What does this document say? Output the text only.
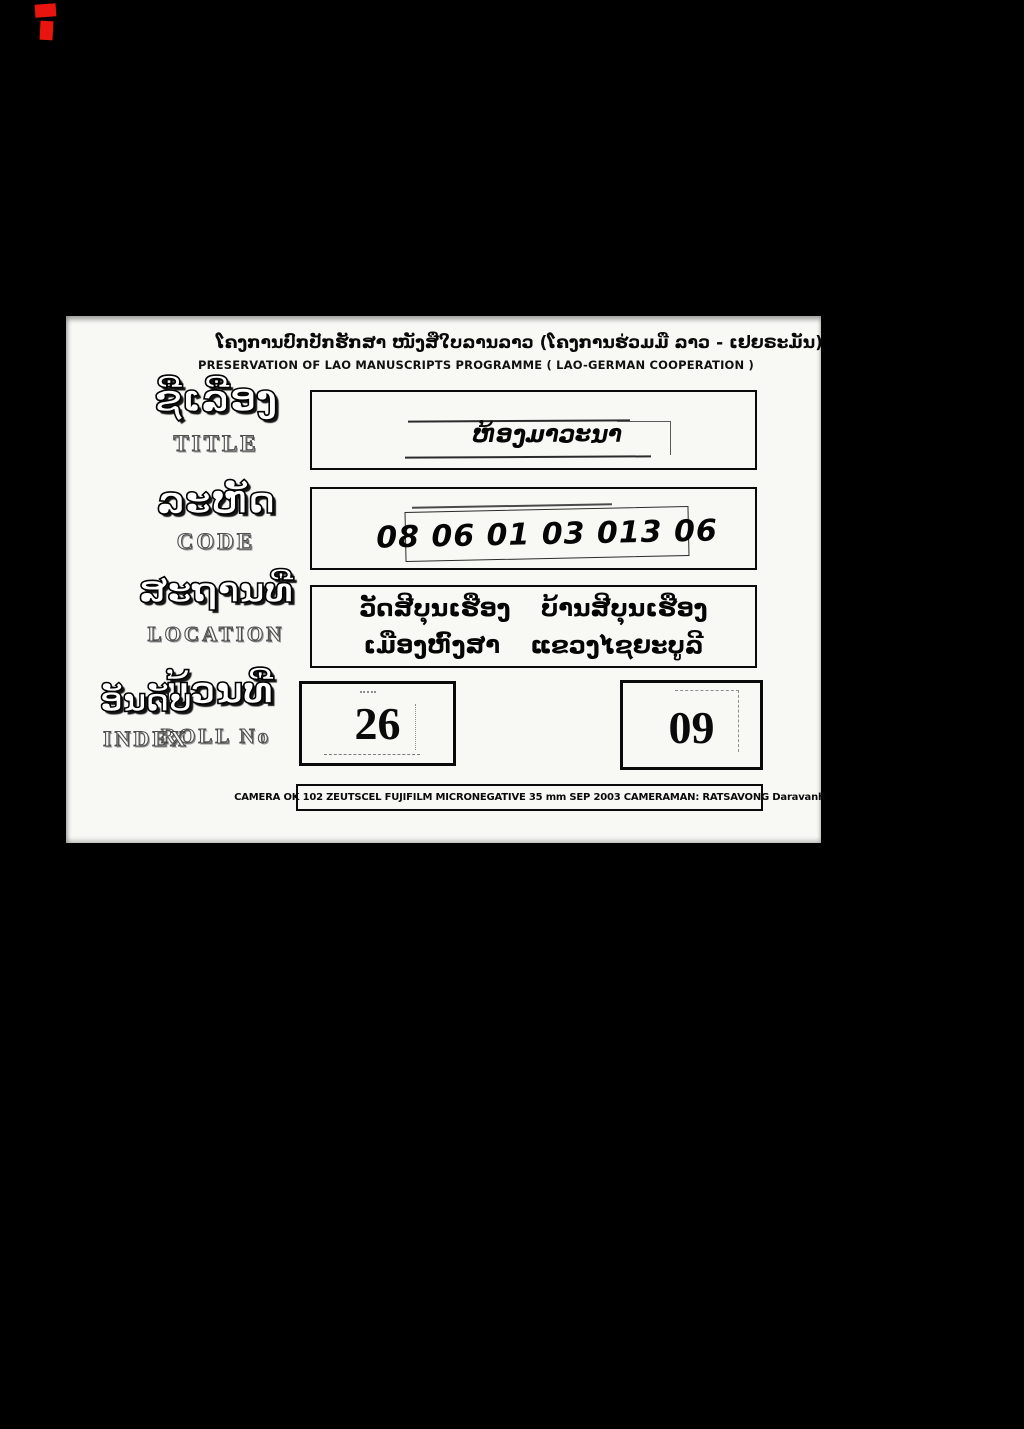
ໂຄງການປົກປັກຮັກສາ ໜັງສືໃບລານລາວ (ໂຄງການຮ່ວມມື ລາວ - ເຢຍຣະມັນ)
PRESERVATION OF LAO MANUSCRIPTS PROGRAMME ( LAO-GERMAN COOPERATION )
ຊື່ເລື່ອງ
TITLE
ລະຫັດ
CODE
ສະຖານທີ່
LOCATION
ມ້ວນທີ່
ROLL No
ຫ້ອງມາວະນາ
08 06 01 03 013 06
ວັດສີບຸນເຮືອງ ບ້ານສີບຸນເຮືອງ
ເມືອງຫົງສາ ແຂວງໄຊຍະບູລີ
26
ອັນດັບ
INDEX	09
CAMERA OK 102 ZEUTSCEL FUJIFILM MICRONEGATIVE 35 mm SEP 2003 CAMERAMAN: RATSAVONG Daravanh
